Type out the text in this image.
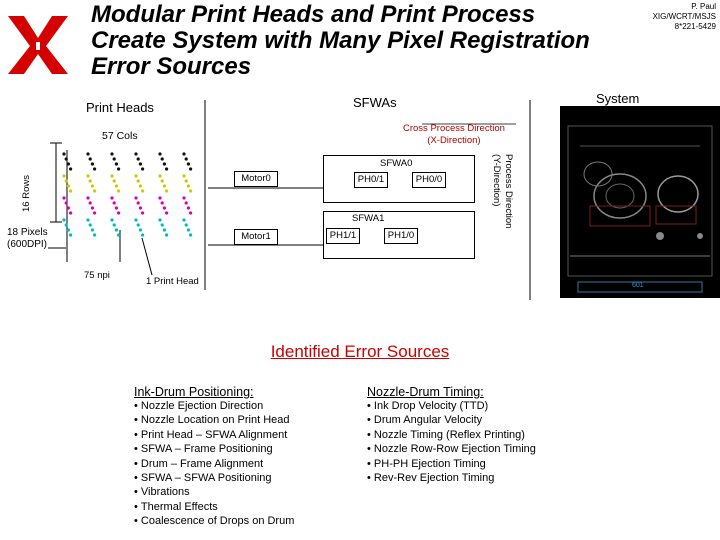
Modular Print Heads and Print Process
Create System with Many Pixel Registration
Error Sources
P. Paul
XIG/WCRT/MSJS
8*221-5429
Print Heads	SFWAs	System
57 Cols
16 Rows
18 Pixels
(600DPI)
75 npi
1 Print Head
Cross Process Direction
(X-Direction)
Process Direction
(Y-Direction)
Motor0
Motor1
SFWA0
PH0/1	PH0/0
SFWA1
PH1/1	PH1/0
601
Identified Error Sources
Ink-Drum Positioning:
• Nozzle Ejection Direction
• Nozzle Location on Print Head
• Print Head – SFWA Alignment
• SFWA – Frame Positioning
• Drum – Frame Alignment
• SFWA – SFWA Positioning
• Vibrations
• Thermal Effects
• Coalescence of Drops on Drum
Nozzle-Drum Timing:
• Ink Drop Velocity (TTD)
• Drum Angular Velocity
• Nozzle Timing (Reflex Printing)
• Nozzle Row-Row Ejection Timing
• PH-PH Ejection Timing
• Rev-Rev Ejection Timing
